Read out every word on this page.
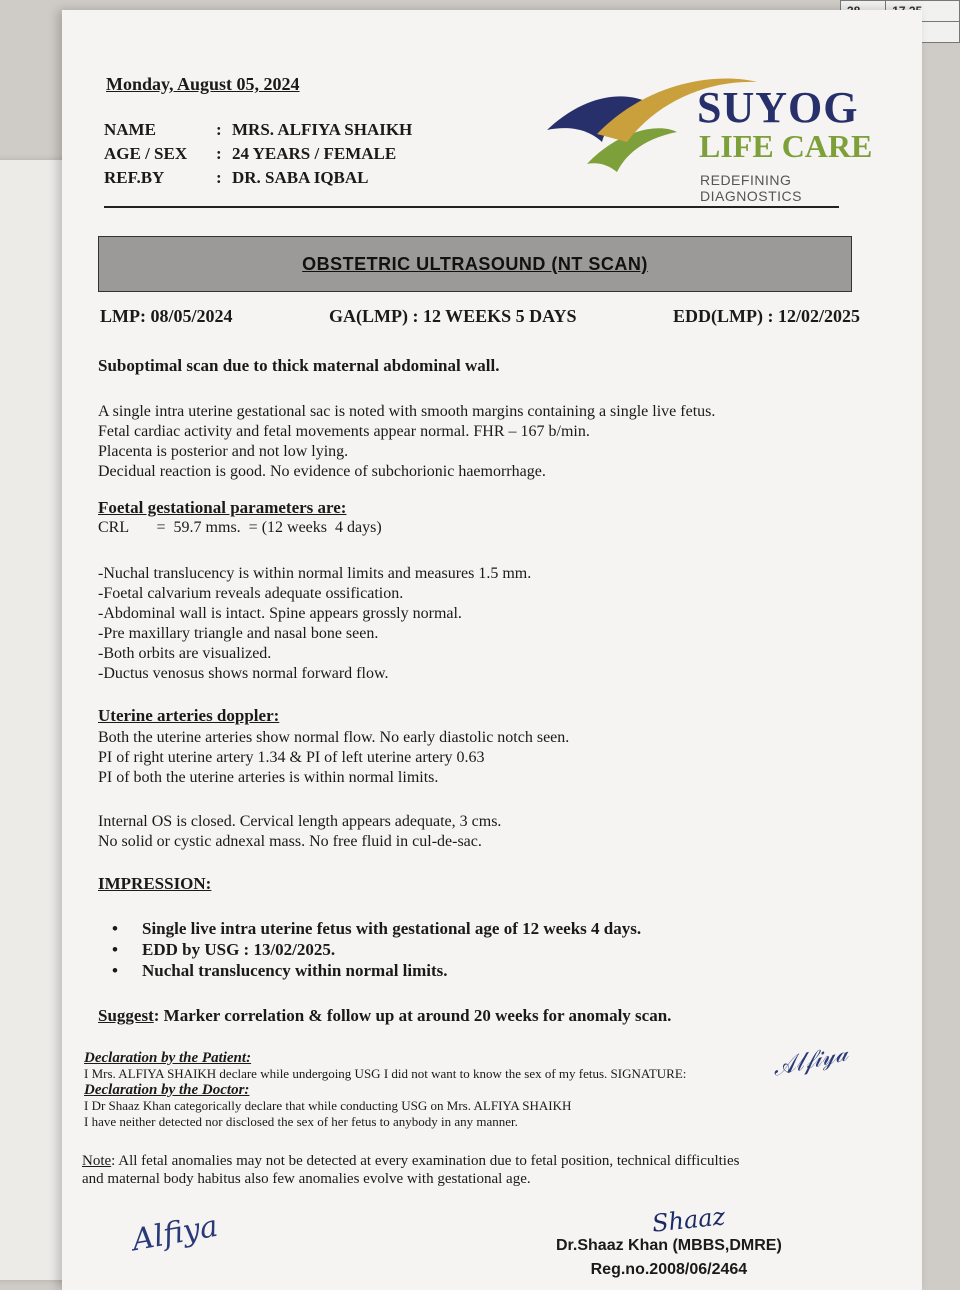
Monday, August 05, 2024
NAME	: MRS. ALFIYA SHAIKH
AGE / SEX	: 24 YEARS / FEMALE
REF.BY	: DR. SABA IQBAL
SUYOG
LIFE CARE
REDEFINING DIAGNOSTICS
OBSTETRIC ULTRASOUND (NT SCAN)
LMP: 08/05/2024	GA(LMP) : 12 WEEKS 5 DAYS	EDD(LMP) : 12/02/2025
Suboptimal scan due to thick maternal abdominal wall.
A single intra uterine gestational sac is noted with smooth margins containing a single live fetus.
Fetal cardiac activity and fetal movements appear normal. FHR – 167 b/min.
Placenta is posterior and not low lying.
Decidual reaction is good. No evidence of subchorionic haemorrhage.
Foetal gestational parameters are:
CRL       =  59.7 mms.  = (12 weeks  4 days)
-Nuchal translucency is within normal limits and measures 1.5 mm.
-Foetal calvarium reveals adequate ossification.
-Abdominal wall is intact. Spine appears grossly normal.
-Pre maxillary triangle and nasal bone seen.
-Both orbits are visualized.
-Ductus venosus shows normal forward flow.
Uterine arteries doppler:
Both the uterine arteries show normal flow. No early diastolic notch seen.
PI of right uterine artery 1.34 & PI of left uterine artery 0.63
PI of both the uterine arteries is within normal limits.
Internal OS is closed. Cervical length appears adequate, 3 cms.
No solid or cystic adnexal mass. No free fluid in cul-de-sac.
IMPRESSION:
•	Single live intra uterine fetus with gestational age of 12 weeks 4 days.
•	EDD by USG : 13/02/2025.
•	Nuchal translucency within normal limits.
Suggest: Marker correlation & follow up at around 20 weeks for anomaly scan.
Declaration by the Patient:
I Mrs. ALFIYA SHAIKH declare while undergoing USG I did not want to know the sex of my fetus. SIGNATURE:
Declaration by the Doctor:
I Dr Shaaz Khan categorically declare that while conducting USG on Mrs. ALFIYA SHAIKH
I have neither detected nor disclosed the sex of her fetus to anybody in any manner.
Note: All fetal anomalies may not be detected at every examination due to fetal position, technical difficulties
and maternal body habitus also few anomalies evolve with gestational age.
𝒜𝓁𝒻𝒾𝓎𝒶
Alfiya	Shaaz
Dr.Shaaz Khan (MBBS,DMRE)
Reg.no.2008/06/2464
